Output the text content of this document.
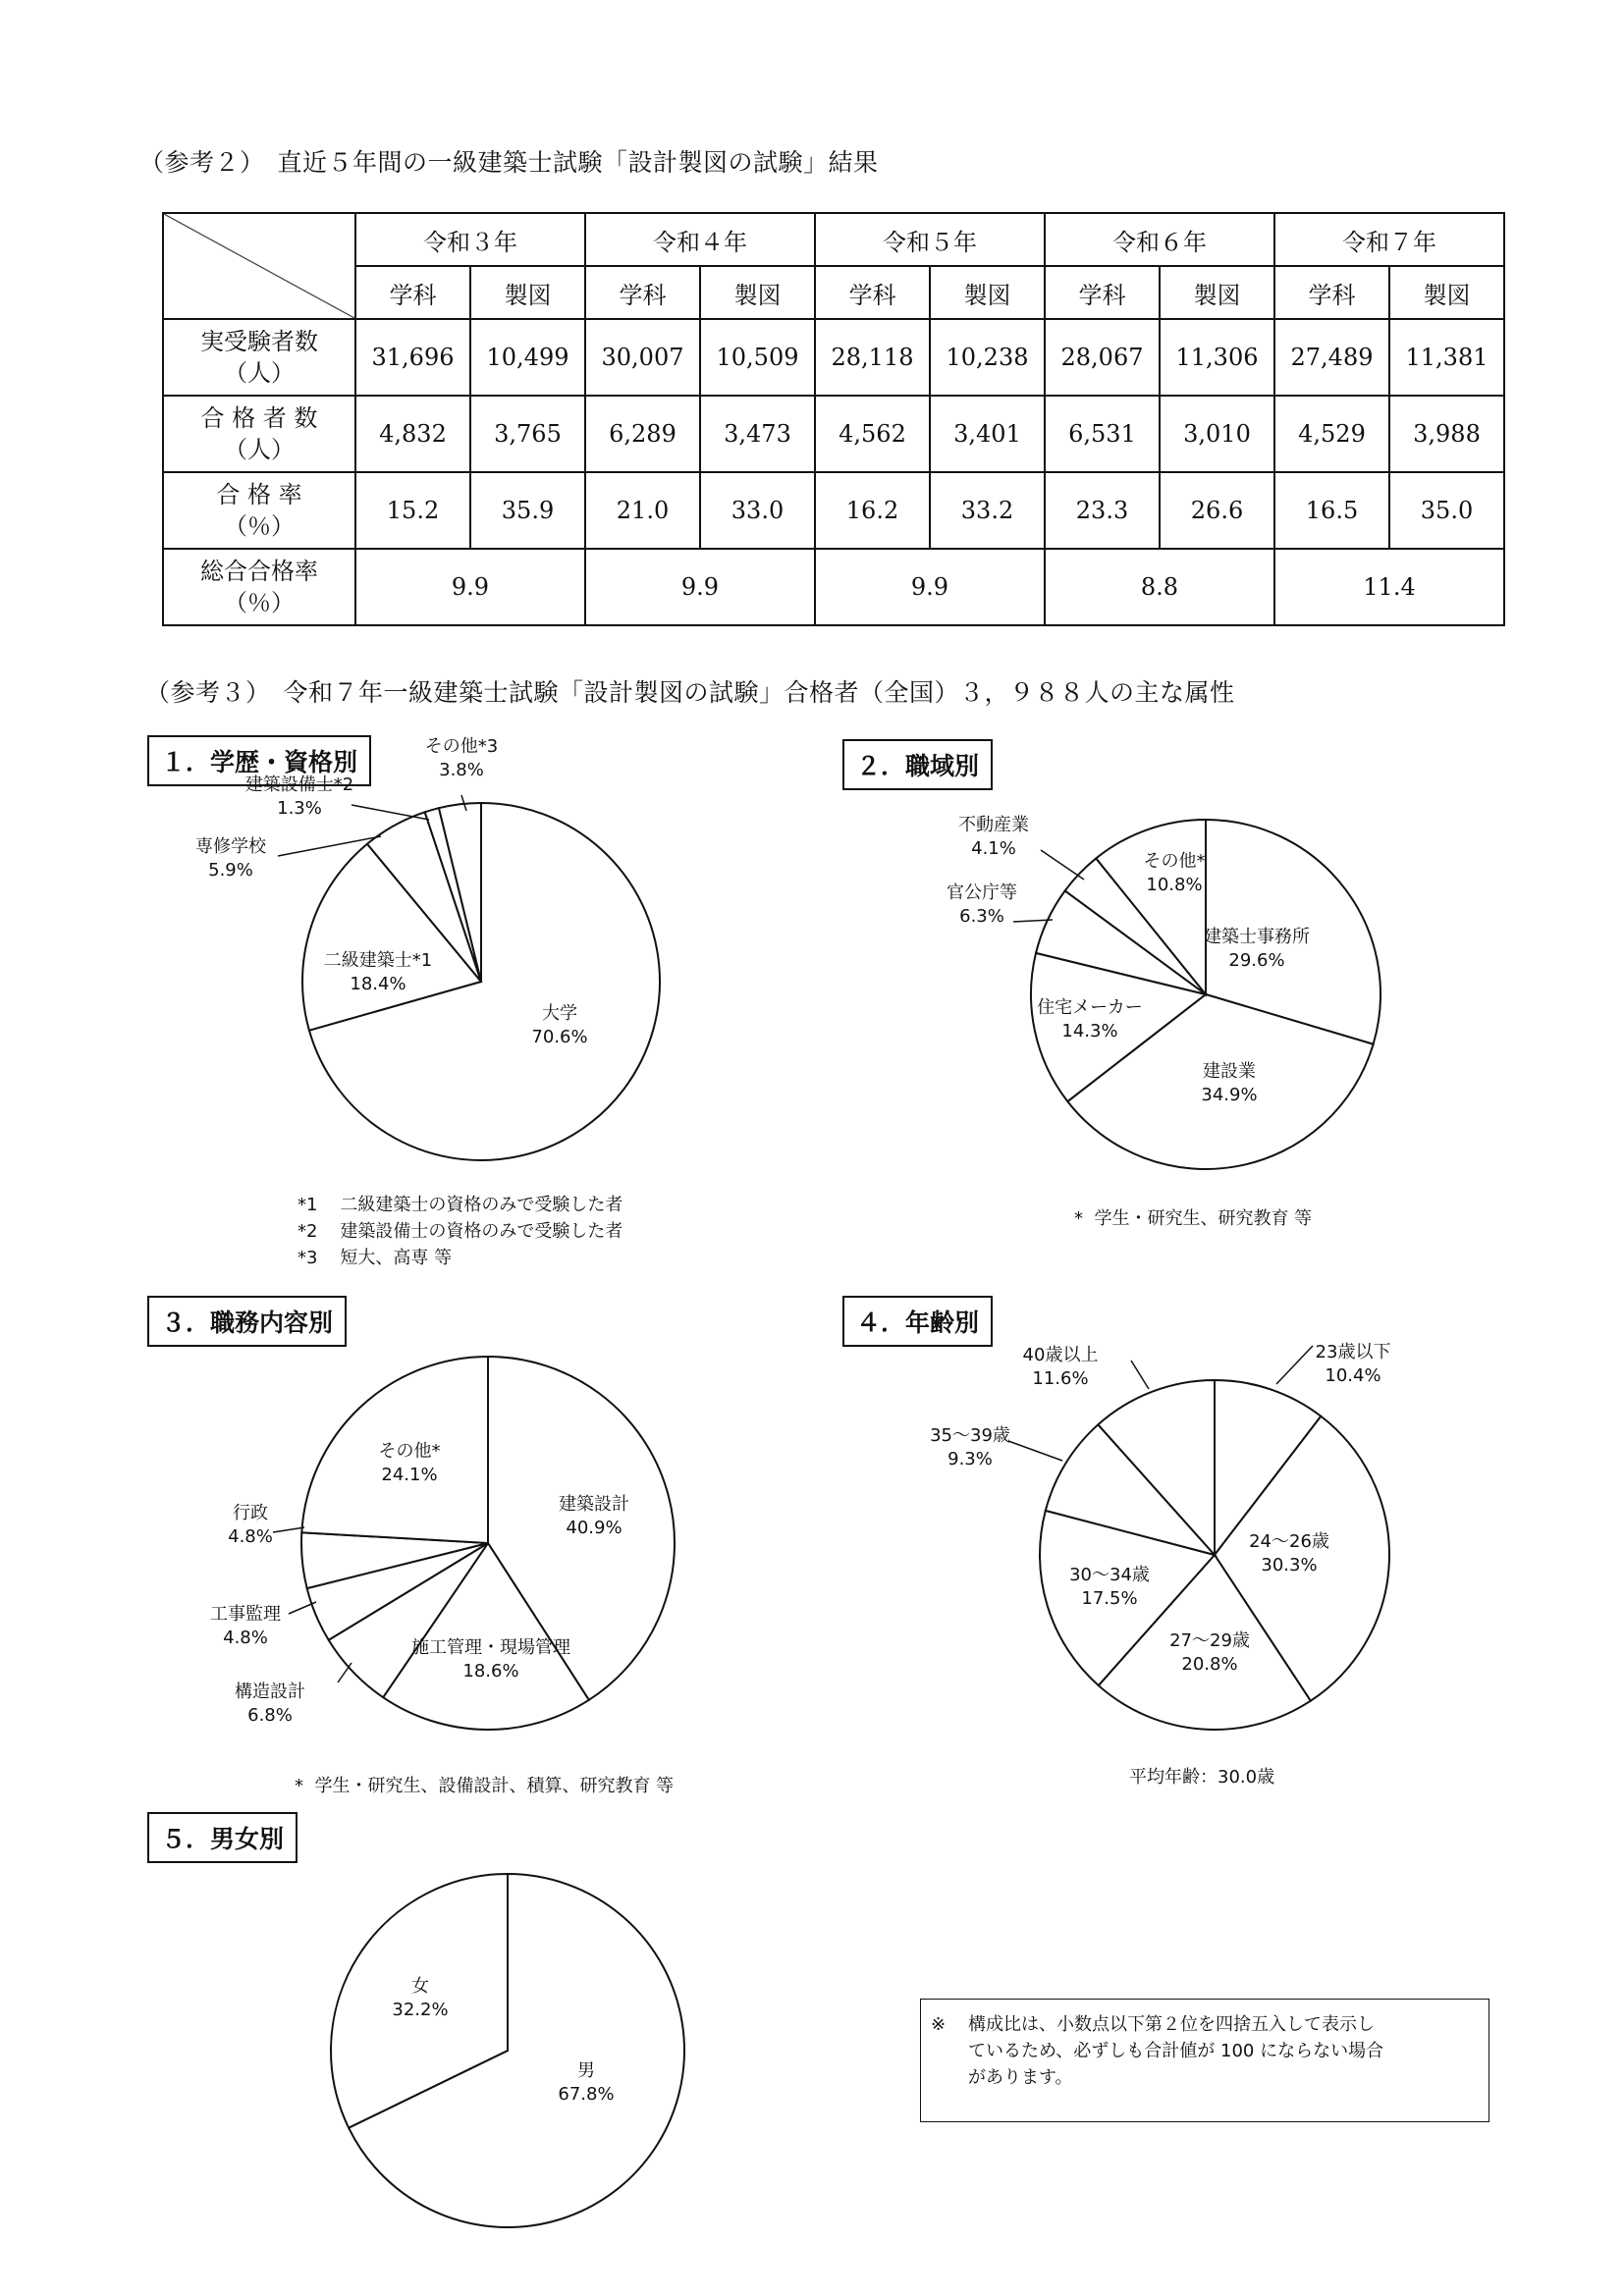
（参考２）　直近５年間の一級建築士試験「設計製図の試験」結果
	令和３年		令和４年		令和５年		令和６年		令和７年	
	学科	製図	学科	製図	学科	製図	学科	製図	学科	製図
実受験者数
（人）	31,696	10,499	30,007	10,509	28,118	10,238	28,067	11,306	27,489	11,381
合 格 者 数
（人）	4,832	3,765	6,289	3,473	4,562	3,401	6,531	3,010	4,529	3,988
合 格 率
（％）	15.2	35.9	21.0	33.0	16.2	33.2	23.3	26.6	16.5	35.0
総合合格率
（％）	9.9		9.9		9.9		8.8		11.4	
（参考３）　令和７年一級建築士試験「設計製図の試験」合格者（全国）３，９８８人の主な属性
１．学歴・資格別	２．職域別
３．職務内容別	４．年齢別
５．男女別
大学
70.6%
二級建築士*1
18.4%
専修学校
5.9%
建築設備士*2
1.3%
その他*3
3.8%
建築士事務所
29.6%
建設業
34.9%
住宅メーカー
14.3%
官公庁等
6.3%
不動産業
4.1%
その他*
10.8%
建築設計
40.9%
施工管理・現場管理
18.6%
構造設計
6.8%
工事監理
4.8%
行政
4.8%
その他*
24.1%
23歳以下
10.4%
24～26歳
30.3%
27～29歳
20.8%
30～34歳
17.5%
35～39歳
9.3%
40歳以上
11.6%
男
67.8%
女
32.2%
*1 二級建築士の資格のみで受験した者
*2 建築設備士の資格のみで受験した者
*3 短大、高専 等
* 学生・研究生、研究教育 等
* 学生・研究生、設備設計、積算、研究教育 等	平均年齢：30.0歳
※	構成比は、小数点以下第２位を四捨五入して表示し
ているため、必ずしも合計値が 100 にならない場合
があります。
